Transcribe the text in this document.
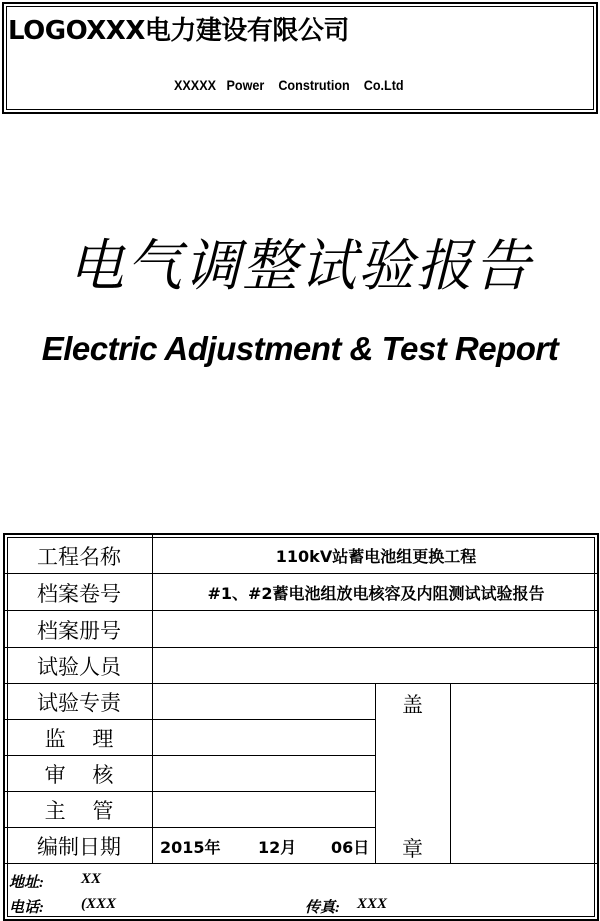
LOGOXXX电力建设有限公司
XXXXX   Power    Constrution    Co.Ltd
电气调整试验报告
Electric Adjustment & Test Report
工程名称
档案卷号
档案册号
试验人员
试验专责
监    理
审    核
主    管
编制日期
110kV站蓄电池组更换工程
#1、#2蓄电池组放电核容及内阻测试试验报告
2015年 12月 06日
盖
章
地址: XX
电话: (XXX	传真: XXX
